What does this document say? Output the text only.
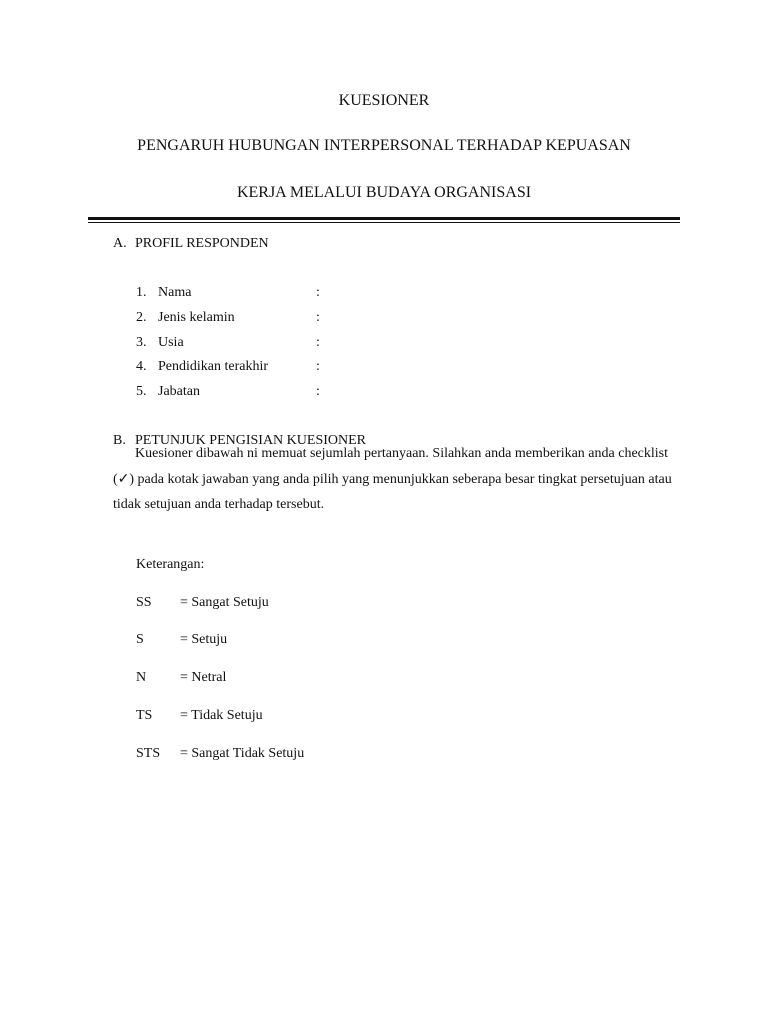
KUESIONER
PENGARUH HUBUNGAN INTERPERSONAL TERHADAP KEPUASAN
KERJA MELALUI BUDAYA ORGANISASI
A. PROFIL RESPONDEN
1. Nama	:
2. Jenis kelamin	:
3. Usia	:
4. Pendidikan terakhir	:
5. Jabatan	:
B. PETUNJUK PENGISIAN KUESIONER
Kuesioner dibawah ni memuat sejumlah pertanyaan. Silahkan anda memberikan anda checklist
(✓) pada kotak jawaban yang anda pilih yang menunjukkan seberapa besar tingkat persetujuan atau
tidak setujuan anda terhadap tersebut.
Keterangan:
SS = Sangat Setuju
S	= Setuju
N = Netral
TS = Tidak Setuju
STS = Sangat Tidak Setuju
